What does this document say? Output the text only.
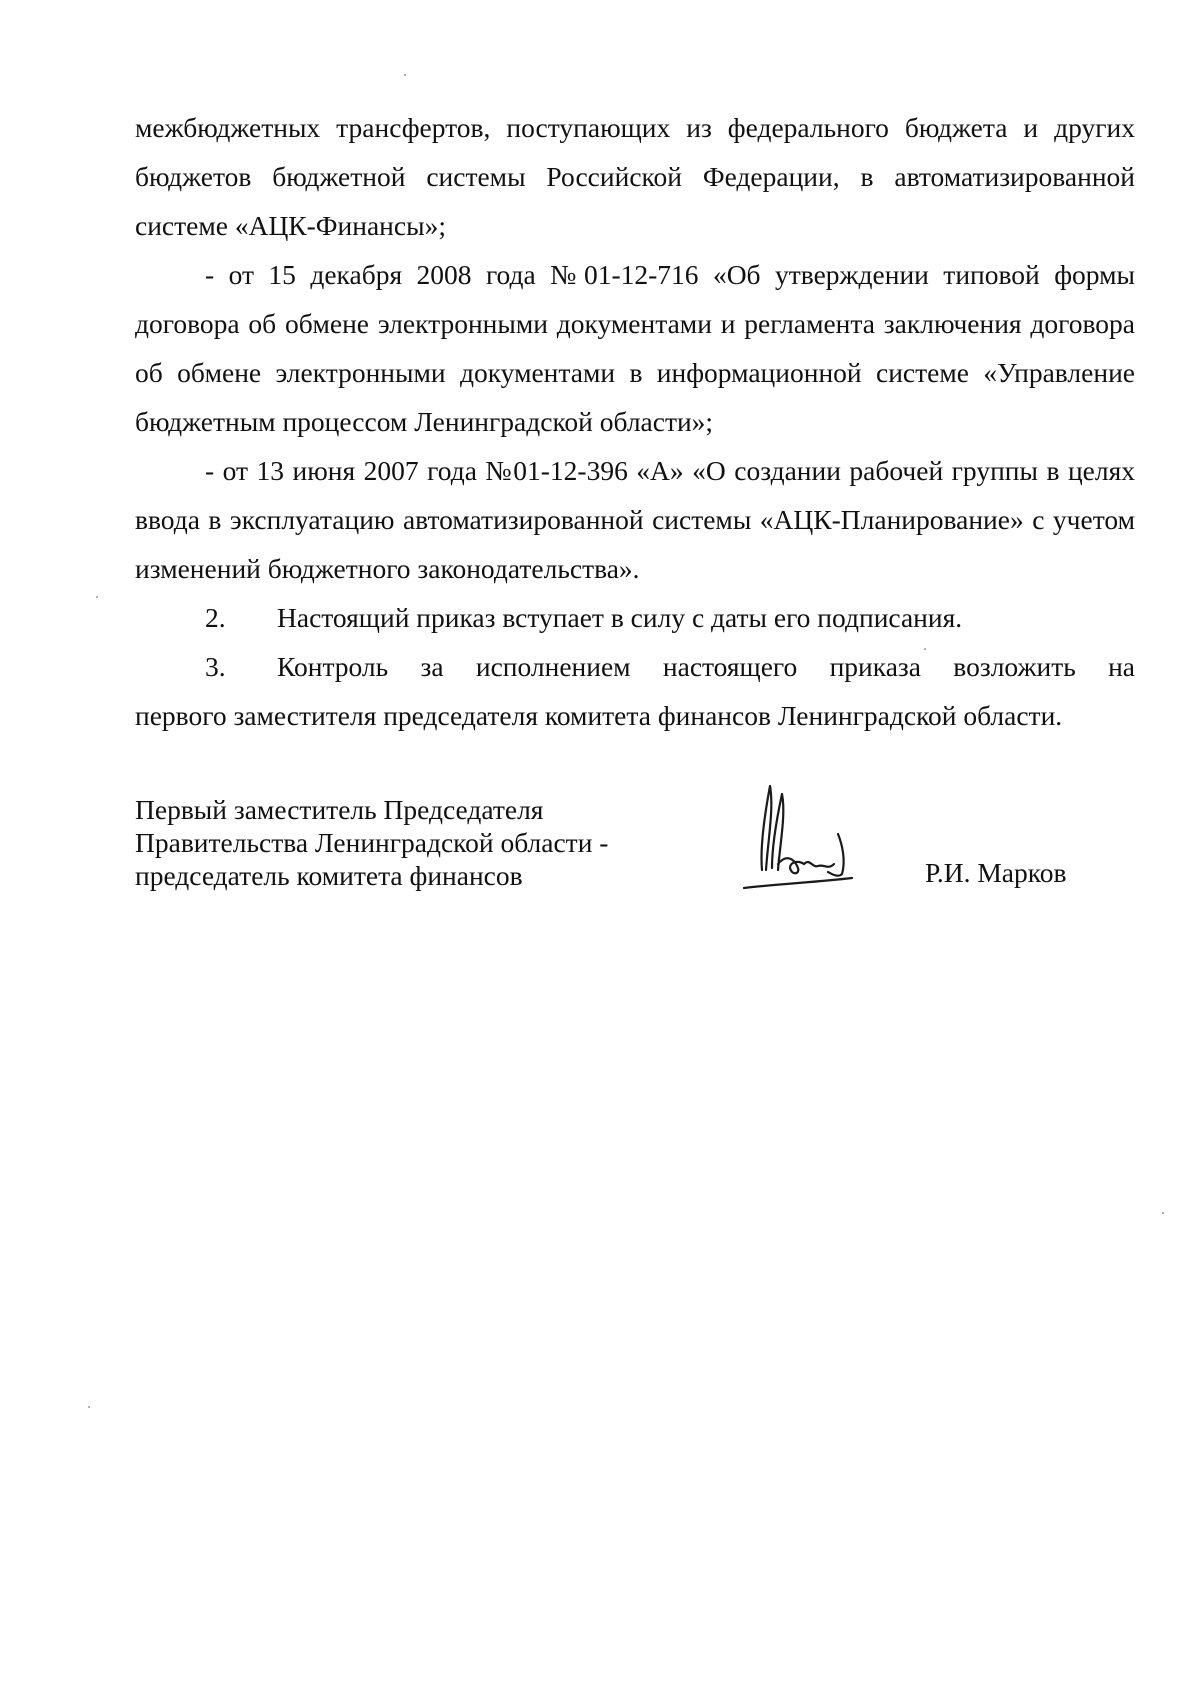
межбюджетных трансфертов, поступающих из федерального бюджета и других бюджетов бюджетной системы Российской Федерации, в автоматизированной системе «АЦК-Финансы»;

- от 15 декабря 2008 года №01-12-716 «Об утверждении типовой формы договора об обмене электронными документами и регламента заключения договора об обмене электронными документами в информационной системе «Управление бюджетным процессом Ленинградской области»;

- от 13 июня 2007 года №01-12-396 «А» «О создании рабочей группы в целях ввода в эксплуатацию автоматизированной системы «АЦК-Планирование» с учетом изменений бюджетного законодательства».

2.	Настоящий приказ вступает в силу с даты его подписания.

3.	Контроль за исполнением настоящего приказа возложить на

первого заместителя председателя комитета финансов Ленинградской области.

Первый заместитель Председателя
Правительства Ленинградской области -
председатель комитета финансов	Р.И. Марков
